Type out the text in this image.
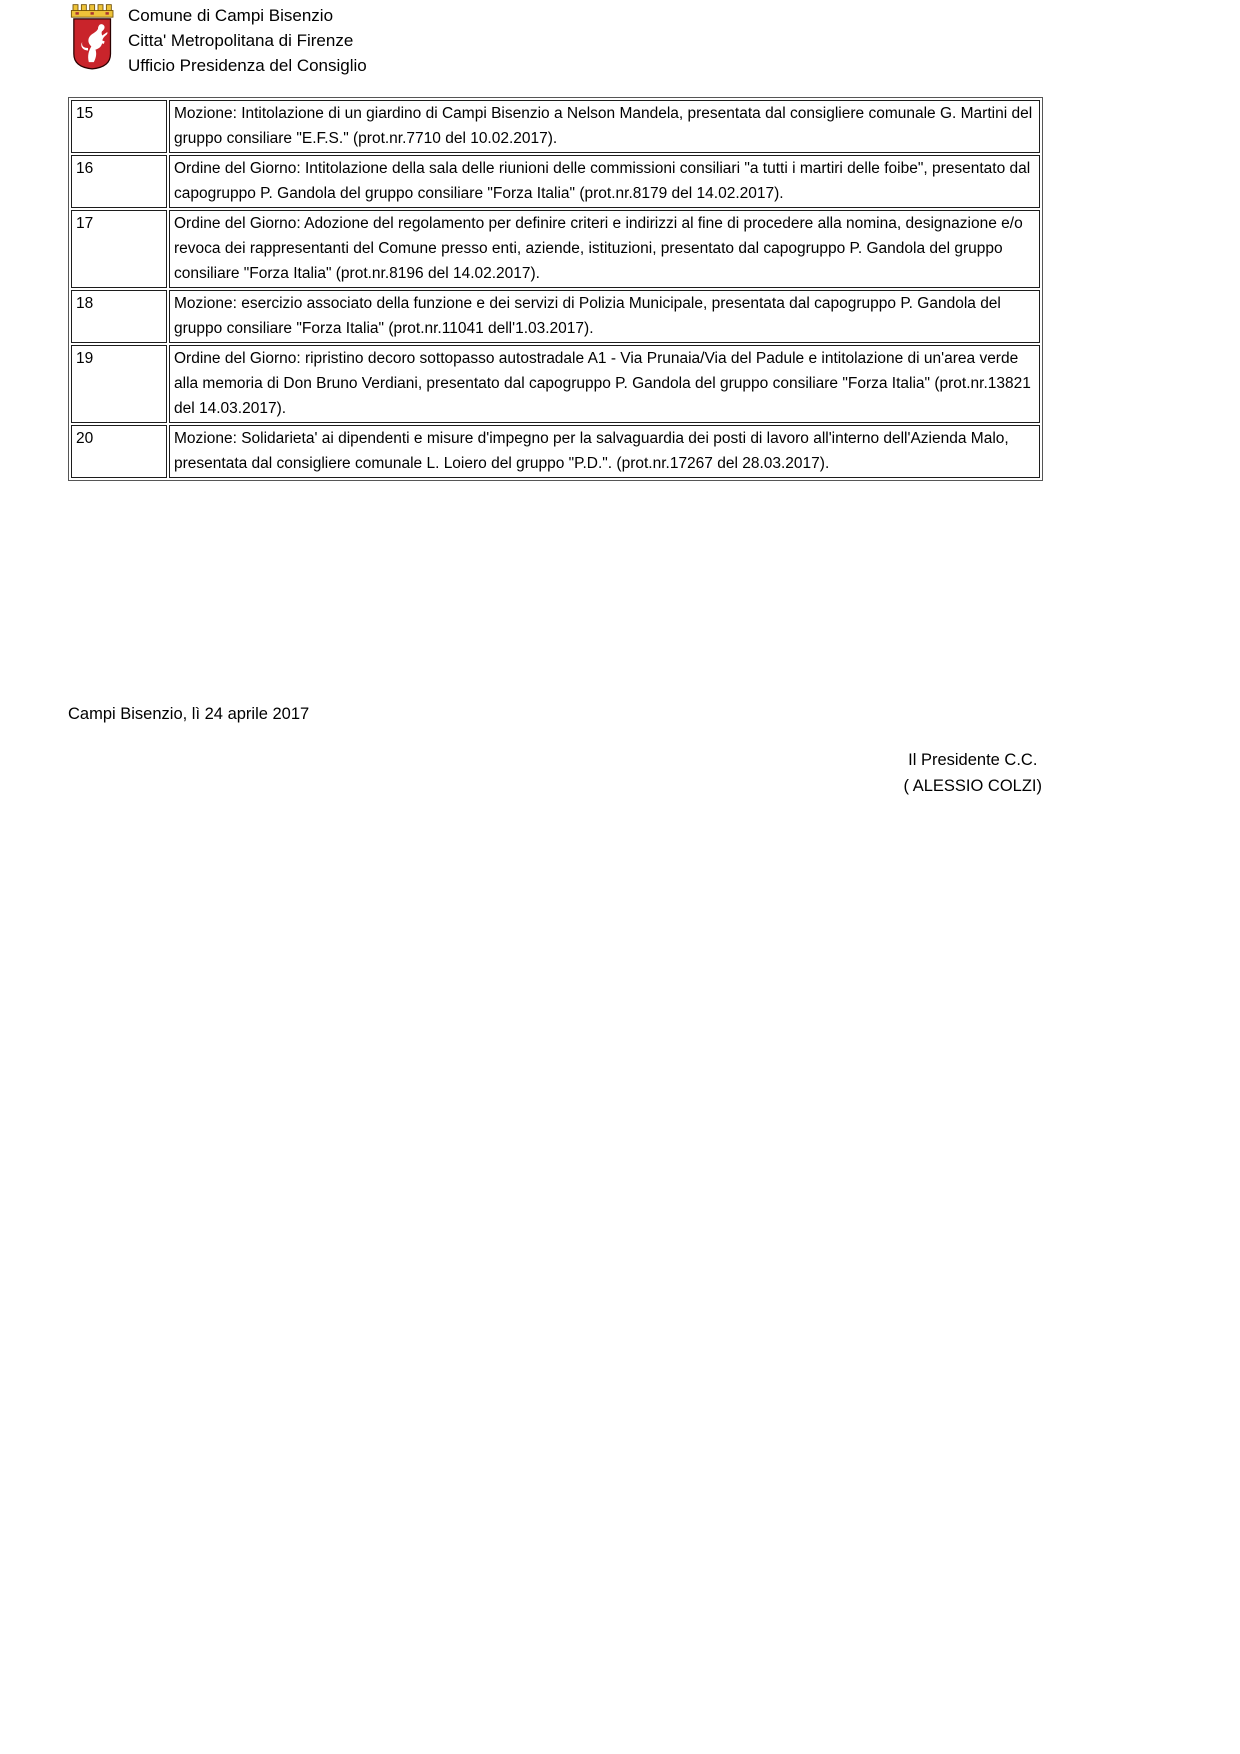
Comune di Campi Bisenzio
Citta' Metropolitana di Firenze
Ufficio Presidenza del Consiglio
15	Mozione: Intitolazione di un giardino di Campi Bisenzio a Nelson Mandela, presentata dal consigliere comunale G. Martini del gruppo consiliare "E.F.S." (prot.nr.7710 del 10.02.2017).
16	Ordine del Giorno: Intitolazione della sala delle riunioni delle commissioni consiliari "a tutti i martiri delle foibe", presentato dal capogruppo P. Gandola del gruppo consiliare "Forza Italia" (prot.nr.8179 del 14.02.2017).
17	Ordine del Giorno: Adozione del regolamento per definire criteri e indirizzi al fine di procedere alla nomina, designazione e/o revoca dei rappresentanti del Comune presso enti, aziende, istituzioni, presentato dal capogruppo P. Gandola del gruppo consiliare "Forza Italia" (prot.nr.8196 del 14.02.2017).
18	Mozione: esercizio associato della funzione e dei servizi di Polizia Municipale, presentata dal capogruppo P. Gandola del gruppo consiliare "Forza Italia" (prot.nr.11041 dell'1.03.2017).
19	Ordine del Giorno: ripristino decoro sottopasso autostradale A1 - Via Prunaia/Via del Padule e intitolazione di un'area verde alla memoria di Don Bruno Verdiani, presentato dal capogruppo P. Gandola del gruppo consiliare "Forza Italia" (prot.nr.13821 del 14.03.2017).
20	Mozione: Solidarieta' ai dipendenti e misure d'impegno per la salvaguardia dei posti di lavoro all'interno dell'Azienda Malo, presentata dal consigliere comunale L. Loiero del gruppo "P.D.". (prot.nr.17267 del 28.03.2017).
Campi Bisenzio, lì 24 aprile 2017
Il Presidente C.C.
( ALESSIO COLZI)
